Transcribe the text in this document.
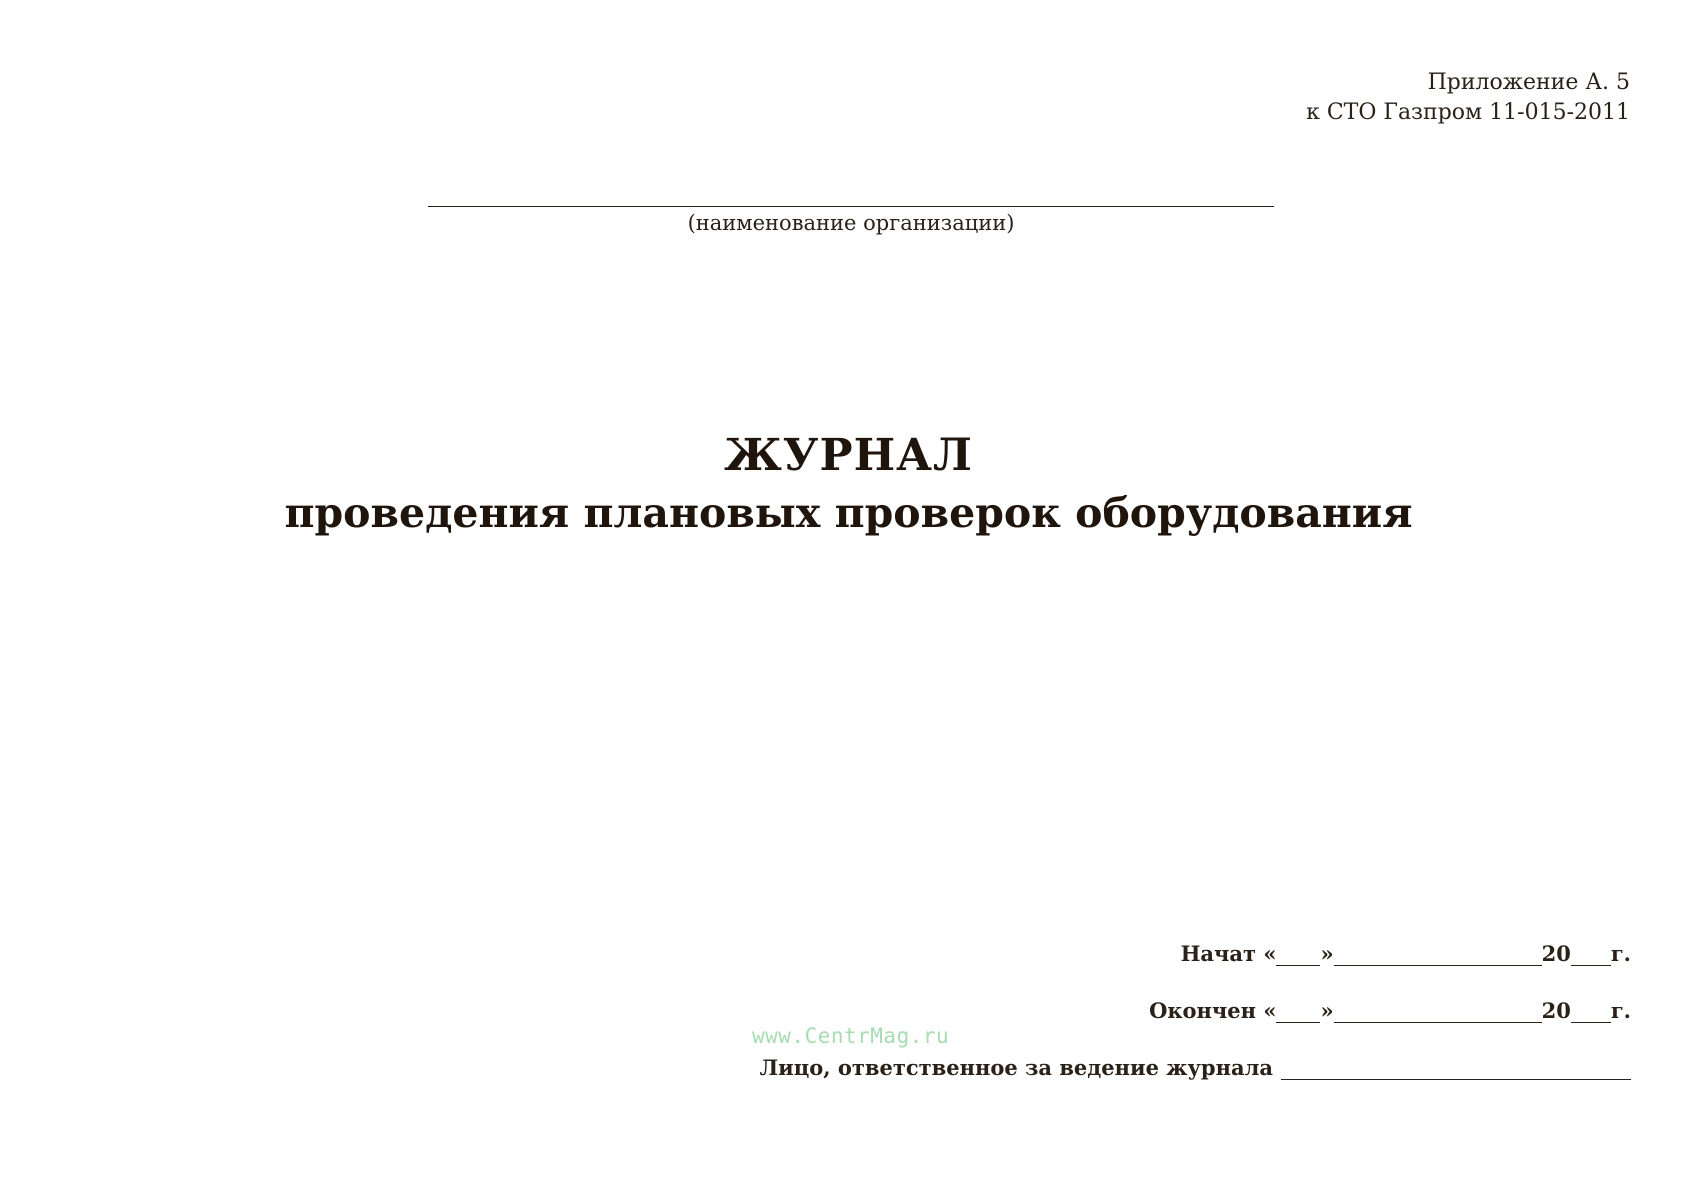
Приложение А. 5
к СТО Газпром 11-015-2011
(наименование организации)
ЖУРНАЛ
проведения плановых проверок оборудования
Начат
« »	20 г.
Окончен
« »	20 г.
Лицо, ответственное за ведение журнала
www.CentrMag.ru
